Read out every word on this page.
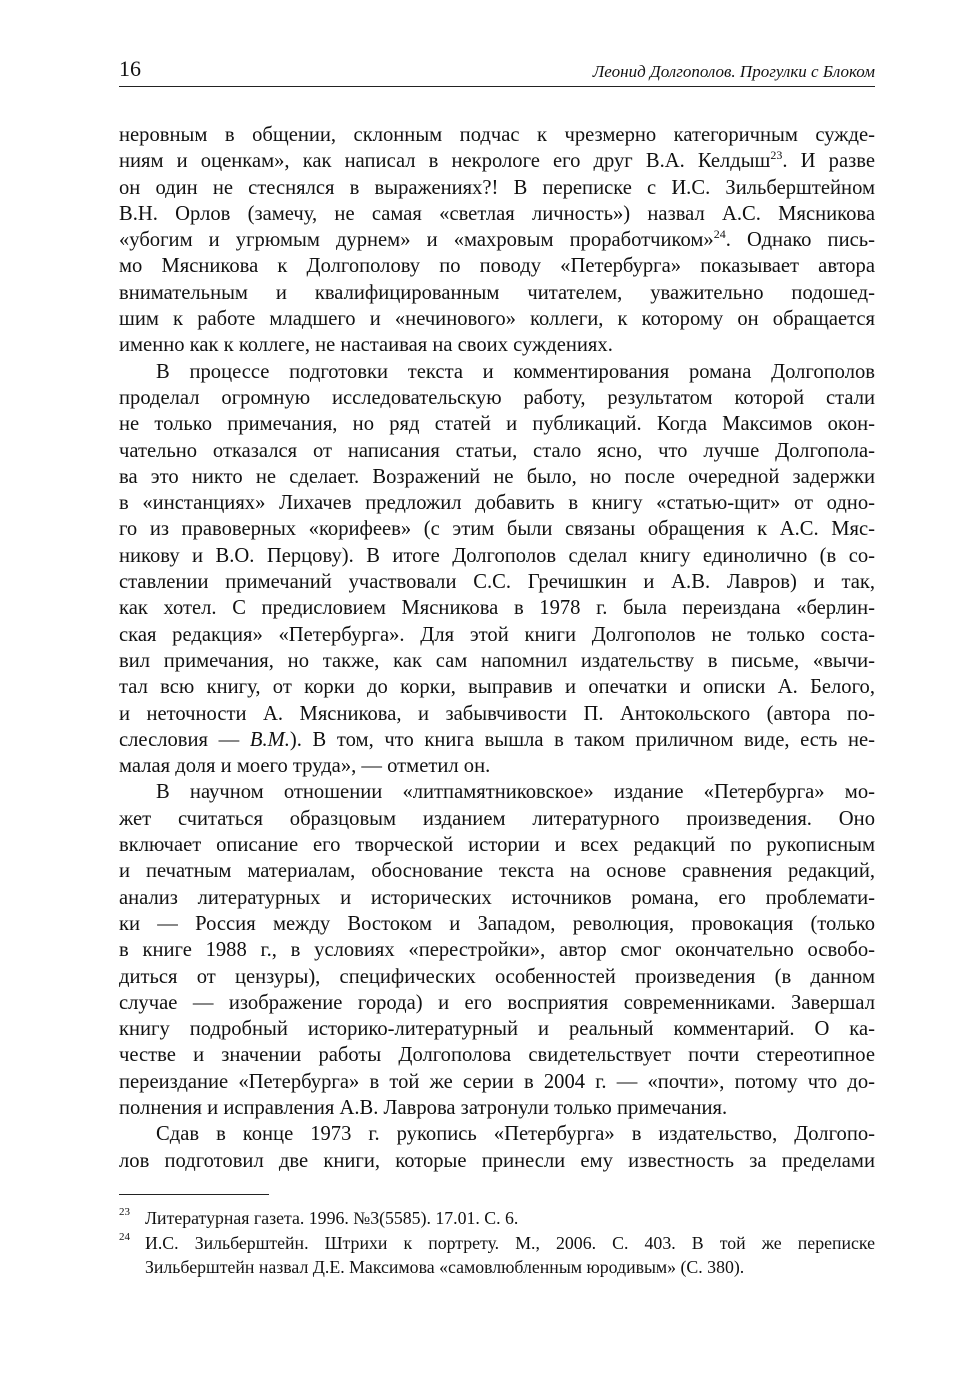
16	Леонид Долгополов. Прогулки с Блоком
неровным в общении, склонным подчас к чрезмерно категоричным сужде-
ниям и оценкам», как написал в некрологе его друг В.А. Келдыш$^{23}$. И разве
он один не стеснялся в выражениях?! В переписке с И.С. Зильберштейном
В.Н. Орлов (замечу, не самая «светлая личность») назвал А.С. Мясникова
«убогим и угрюмым дурнем» и «махровым проработчиком»$^{24}$. Однако пись-
мо Мясникова к Долгополову по поводу «Петербурга» показывает автора
внимательным и квалифицированным читателем, уважительно подошед-
шим к работе младшего и «нечинового» коллеги, к которому он обращается
именно как к коллеге, не настаивая на своих суждениях.
В процессе подготовки текста и комментирования романа Долгополов
проделал огромную исследовательскую работу, результатом которой стали
не только примечания, но ряд статей и публикаций. Когда Максимов окон-
чательно отказался от написания статьи, стало ясно, что лучше Долгопола-
ва это никто не сделает. Возражений не было, но после очередной задержки
в «инстанциях» Лихачев предложил добавить в книгу «статью-щит» от одно-
го из правоверных «корифеев» (с этим были связаны обращения к А.С. Мяс-
никову и В.О. Перцову). В итоге Долгополов сделал книгу единолично (в со-
ставлении примечаний участвовали С.С. Гречишкин и А.В. Лавров) и так,
как хотел. С предисловием Мясникова в 1978 г. была переиздана «берлин-
ская редакция» «Петербурга». Для этой книги Долгополов не только соста-
вил примечания, но также, как сам напомнил издательству в письме, «вычи-
тал всю книгу, от корки до корки, выправив и опечатки и описки А. Белого,
и неточности А. Мясникова, и забывчивости П. Антокольского (автора по-
слесловия — В.М.). В том, что книга вышла в таком приличном виде, есть не-
малая доля и моего труда», — отметил он.
В научном отношении «литпамятниковское» издание «Петербурга» мо-
жет считаться образцовым изданием литературного произведения. Оно
включает описание его творческой истории и всех редакций по рукописным
и печатным материалам, обоснование текста на основе сравнения редакций,
анализ литературных и исторических источников романа, его проблемати-
ки — Россия между Востоком и Западом, революция, провокация (только
в книге 1988 г., в условиях «перестройки», автор смог окончательно освобо-
диться от цензуры), специфических особенностей произведения (в данном
случае — изображение города) и его восприятия современниками. Завершал
книгу подробный историко-литературный и реальный комментарий. О ка-
честве и значении работы Долгополова свидетельствует почти стереотипное
переиздание «Петербурга» в той же серии в 2004 г. — «почти», потому что до-
полнения и исправления А.В. Лаврова затронули только примечания.
Сдав в конце 1973 г. рукопись «Петербурга» в издательство, Долгопо-
лов подготовил две книги, которые принесли ему известность за пределами
23 Литературная газета. 1996. №3(5585). 17.01. С. 6.
24 И.С. Зильберштейн. Штрихи к портрету. М., 2006. С. 403. В той же переписке
Зильберштейн назвал Д.Е. Максимова «самовлюбленным юродивым» (С. 380).
